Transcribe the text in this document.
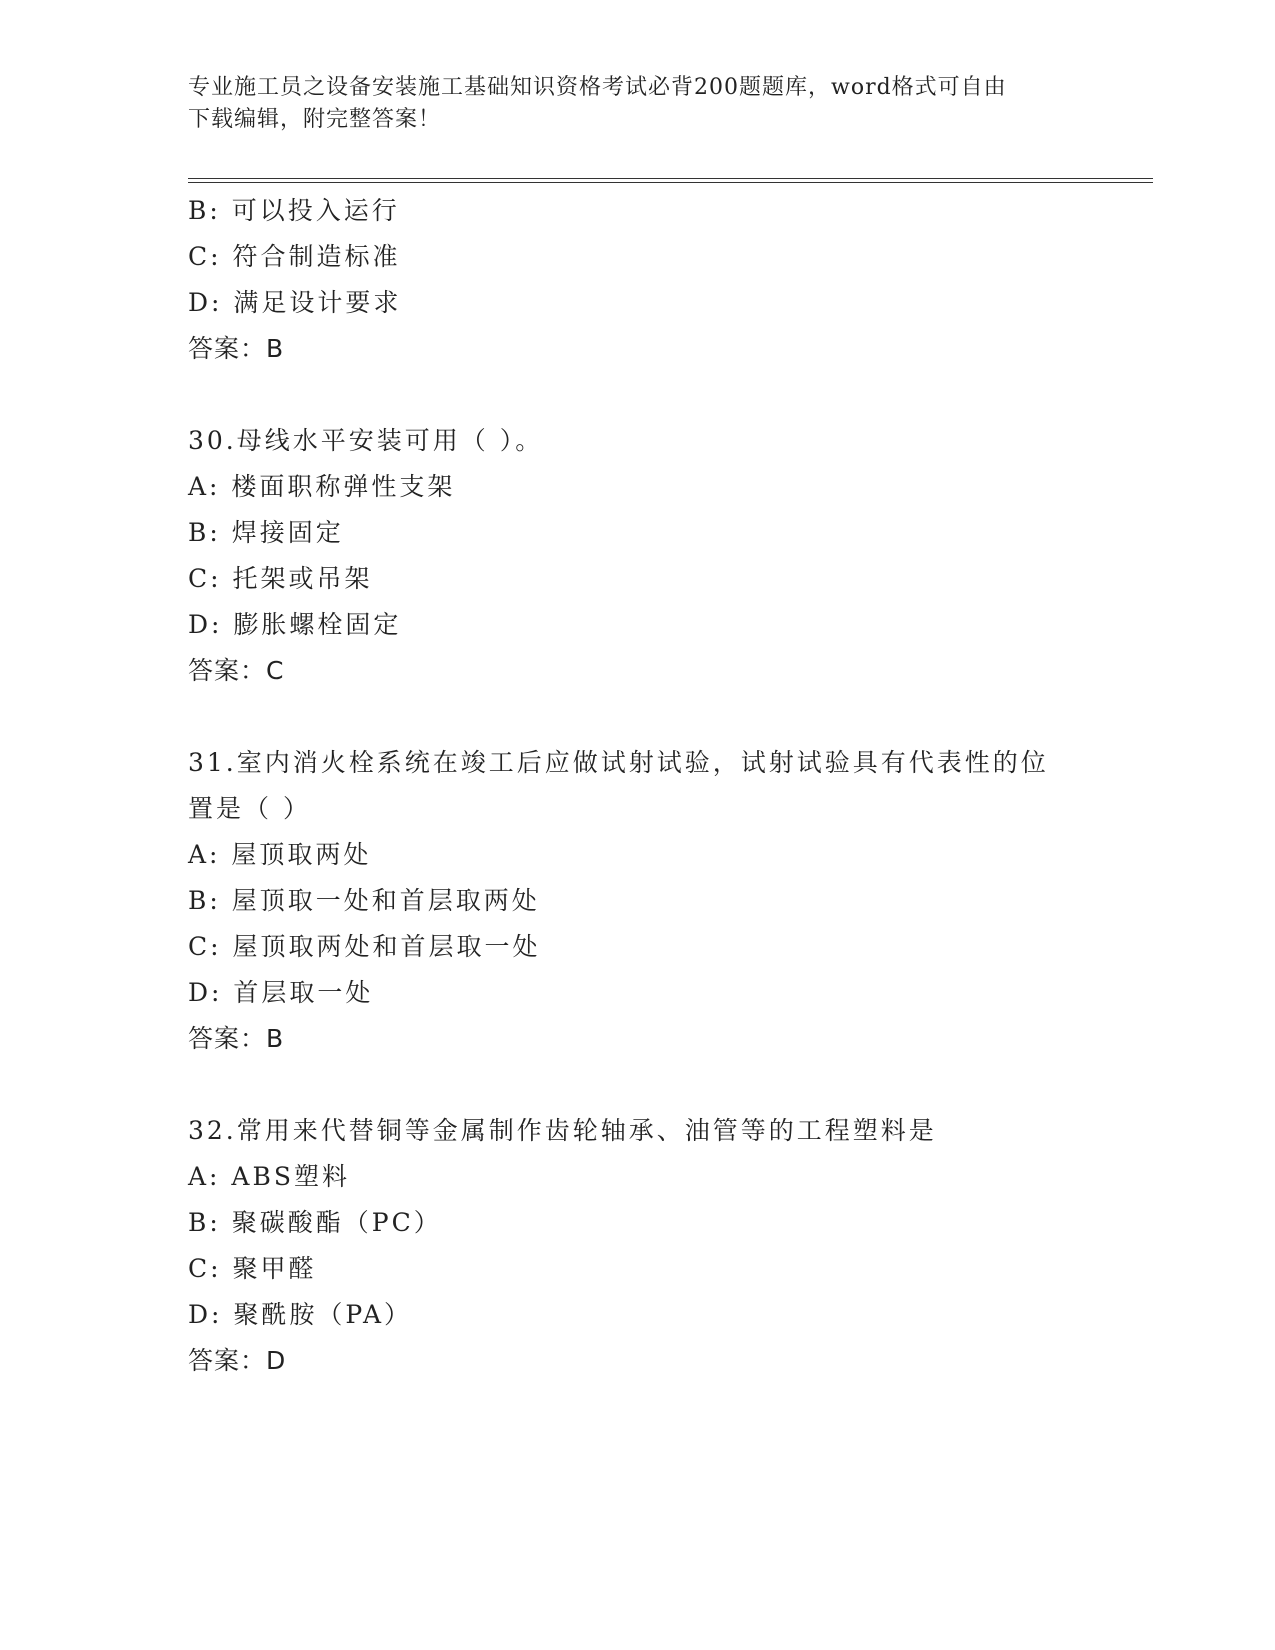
专业施工员之设备安装施工基础知识资格考试必背200题题库，word格式可自由
下载编辑，附完整答案！
B: 可以投入运行
C: 符合制造标准
D: 满足设计要求
答案：B
30.母线水平安装可用（ ）。
A: 楼面职称弹性支架
B: 焊接固定
C: 托架或吊架
D: 膨胀螺栓固定
答案：C
31.室内消火栓系统在竣工后应做试射试验，试射试验具有代表性的位
置是（ ）
A: 屋顶取两处
B: 屋顶取一处和首层取两处
C: 屋顶取两处和首层取一处
D: 首层取一处
答案：B
32.常用来代替铜等金属制作齿轮轴承、油管等的工程塑料是
A: ABS塑料
B: 聚碳酸酯（PC）
C: 聚甲醛
D: 聚酰胺（PA）
答案：D
